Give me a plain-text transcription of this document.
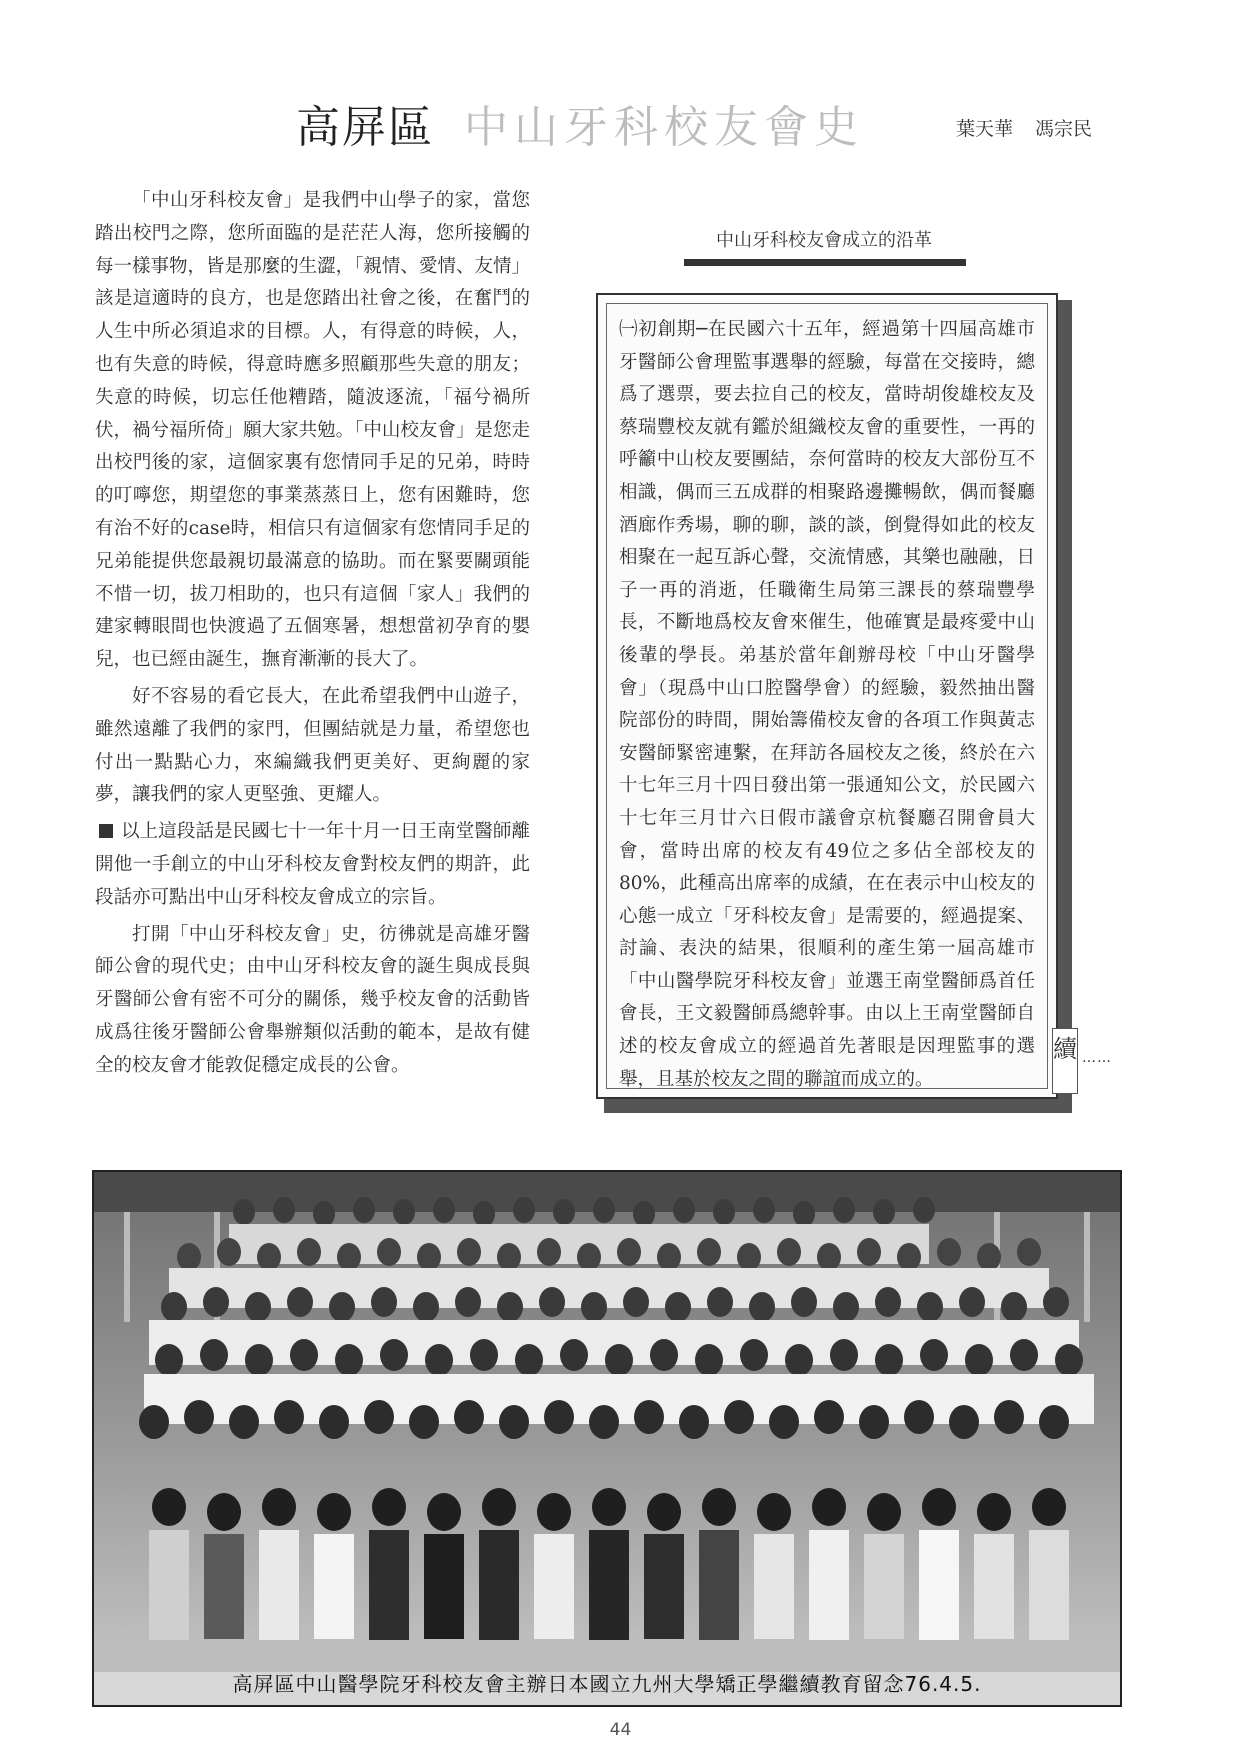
高屏區 中山牙科校友會史	葉天華 馮宗民

「中山牙科校友會」是我們中山學子的家，當您踏出校門之際，您所面臨的是茫茫人海，您所接觸的每一樣事物，皆是那麼的生澀，「親情、愛情、友情」該是這適時的良方，也是您踏出社會之後，在奮鬥的人生中所必須追求的目標。人，有得意的時候，人，也有失意的時候，得意時應多照顧那些失意的朋友；失意的時候，切忘任他糟踏，隨波逐流，「福兮禍所伏，禍兮福所倚」願大家共勉。「中山校友會」是您走出校門後的家，這個家裏有您情同手足的兄弟，時時的叮嚀您，期望您的事業蒸蒸日上，您有困難時，您有治不好的case時，相信只有這個家有您情同手足的兄弟能提供您最親切最滿意的協助。而在緊要關頭能不惜一切，拔刀相助的，也只有這個「家人」我們的建家轉眼間也快渡過了五個寒暑，想想當初孕育的嬰兒，也已經由誕生，撫育漸漸的長大了。

好不容易的看它長大，在此希望我們中山遊子，雖然遠離了我們的家門，但團結就是力量，希望您也付出一點點心力，來編織我們更美好、更絢麗的家夢，讓我們的家人更堅強、更耀人。

以上這段話是民國七十一年十月一日王南堂醫師離開他一手創立的中山牙科校友會對校友們的期許，此段話亦可點出中山牙科校友會成立的宗旨。

打開「中山牙科校友會」史，彷彿就是高雄牙醫師公會的現代史；由中山牙科校友會的誕生與成長與牙醫師公會有密不可分的關係，幾乎校友會的活動皆成爲往後牙醫師公會舉辦類似活動的範本，是故有健全的校友會才能敦促穩定成長的公會。

中山牙科校友會成立的沿革

㈠初創期─在民國六十五年，經過第十四屆高雄市牙醫師公會理監事選舉的經驗，每當在交接時，總爲了選票，要去拉自己的校友，當時胡俊雄校友及蔡瑞豐校友就有鑑於組織校友會的重要性，一再的呼籲中山校友要團結，奈何當時的校友大部份互不相識，偶而三五成群的相聚路邊攤暢飲，偶而餐廳酒廊作秀場，聊的聊，談的談，倒覺得如此的校友相聚在一起互訴心聲，交流情感，其樂也融融，日子一再的消逝，任職衛生局第三課長的蔡瑞豐學長，不斷地爲校友會來催生，他確實是最疼愛中山後輩的學長。弟基於當年創辦母校「中山牙醫學會」（現爲中山口腔醫學會）的經驗，毅然抽出醫院部份的時間，開始籌備校友會的各項工作與黃志安醫師緊密連繫，在拜訪各屆校友之後，終於在六十七年三月十四日發出第一張通知公文，於民國六十七年三月廿六日假市議會京杭餐廳召開會員大會，當時出席的校友有49位之多佔全部校友的80%，此種高出席率的成績，在在表示中山校友的心態一成立「牙科校友會」是需要的，經過提案、討論、表決的結果，很順利的產生第一屆高雄市「中山醫學院牙科校友會」並選王南堂醫師爲首任會長，王文毅醫師爲總幹事。由以上王南堂醫師自述的校友會成立的經過首先著眼是因理監事的選舉，且基於校友之間的聯誼而成立的。

續 ……
高屏區中山醫學院牙科校友會主辦日本國立九州大學矯正學繼續教育留念76.4.5.
44
